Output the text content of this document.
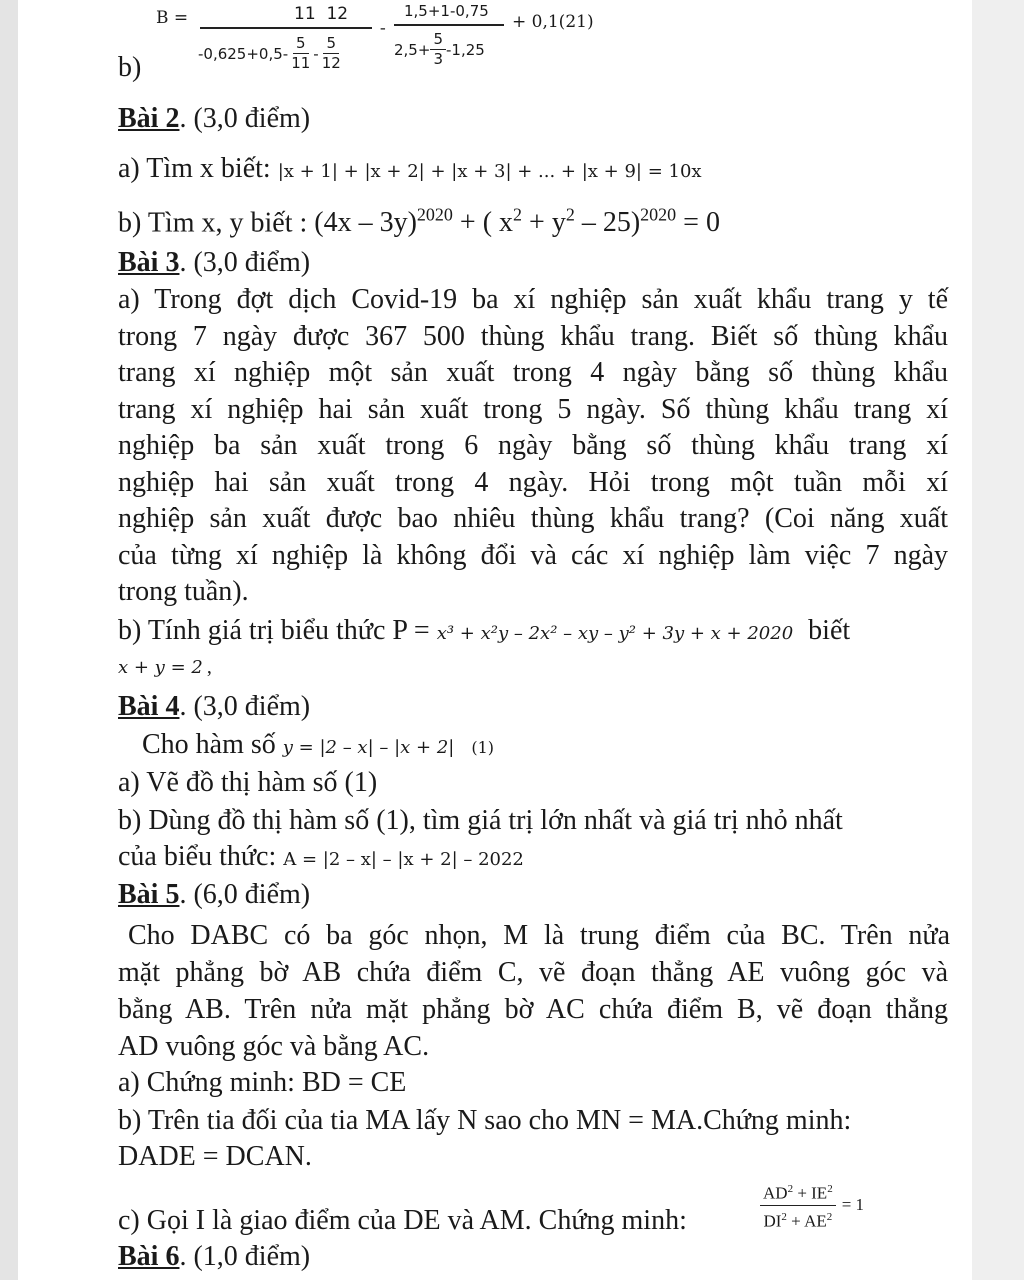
b)
B =	11  12
$-0,625+0,5- \frac{5}{11} - \frac{5}{12}$
-
1,5+1-0,75
$2,5+ \frac{5}{3} -1,25$
+ 0,1(21)
Bài 2. (3,0 điểm)
a) Tìm x biết: |x + 1| + |x + 2| + |x + 3| + ... + |x + 9| = 10x
b) Tìm x, y biết : (4x – 3y)$^{2020}$ + ( $x^2 + y^2 - 25)^{2020} = 0$
Bài 3. (3,0 điểm)
a) Trong đợt dịch Covid-19 ba xí nghiệp sản xuất khẩu trang y tế
trong 7 ngày được 367 500 thùng khẩu trang. Biết số thùng khẩu
trang xí nghiệp một sản xuất trong 4 ngày bằng số thùng khẩu
trang xí nghiệp hai sản xuất trong 5 ngày. Số thùng khẩu trang xí
nghiệp ba sản xuất trong 6 ngày bằng số thùng khẩu trang xí
nghiệp hai sản xuất trong 4 ngày. Hỏi trong một tuần mỗi xí
nghiệp sản xuất được bao nhiêu thùng khẩu trang? (Coi năng xuất
của từng xí nghiệp là không đổi và các xí nghiệp làm việc 7 ngày
trong tuần).
b) Tính giá trị biểu thức P = x³ + x²y – 2x² – xy – y² + 3y + x + 2020 biết
x + y = 2 ,
Bài 4. (3,0 điểm)
Cho hàm số y = |2 – x| – |x + 2| (1)
a) Vẽ đồ thị hàm số (1)
b) Dùng đồ thị hàm số (1), tìm giá trị lớn nhất và giá trị nhỏ nhất
của biểu thức: A = |2 – x| – |x + 2| – 2022
Bài 5. (6,0 điểm)
Cho DABC có ba góc nhọn, M là trung điểm của BC. Trên nửa
mặt phẳng bờ AB chứa điểm C, vẽ đoạn thẳng AE vuông góc và
bằng AB. Trên nửa mặt phẳng bờ AC chứa điểm B, vẽ đoạn thẳng
AD vuông góc và bằng AC.
a) Chứng minh: BD = CE
b) Trên tia đối của tia MA lấy N sao cho MN = MA.Chứng minh:
DADE = DCAN.
c) Gọi I là giao điểm của DE và AM. Chứng minh:	$\frac{AD^2 + IE^2}{DI^2 + AE^2} = 1$
Bài 6. (1,0 điểm)
